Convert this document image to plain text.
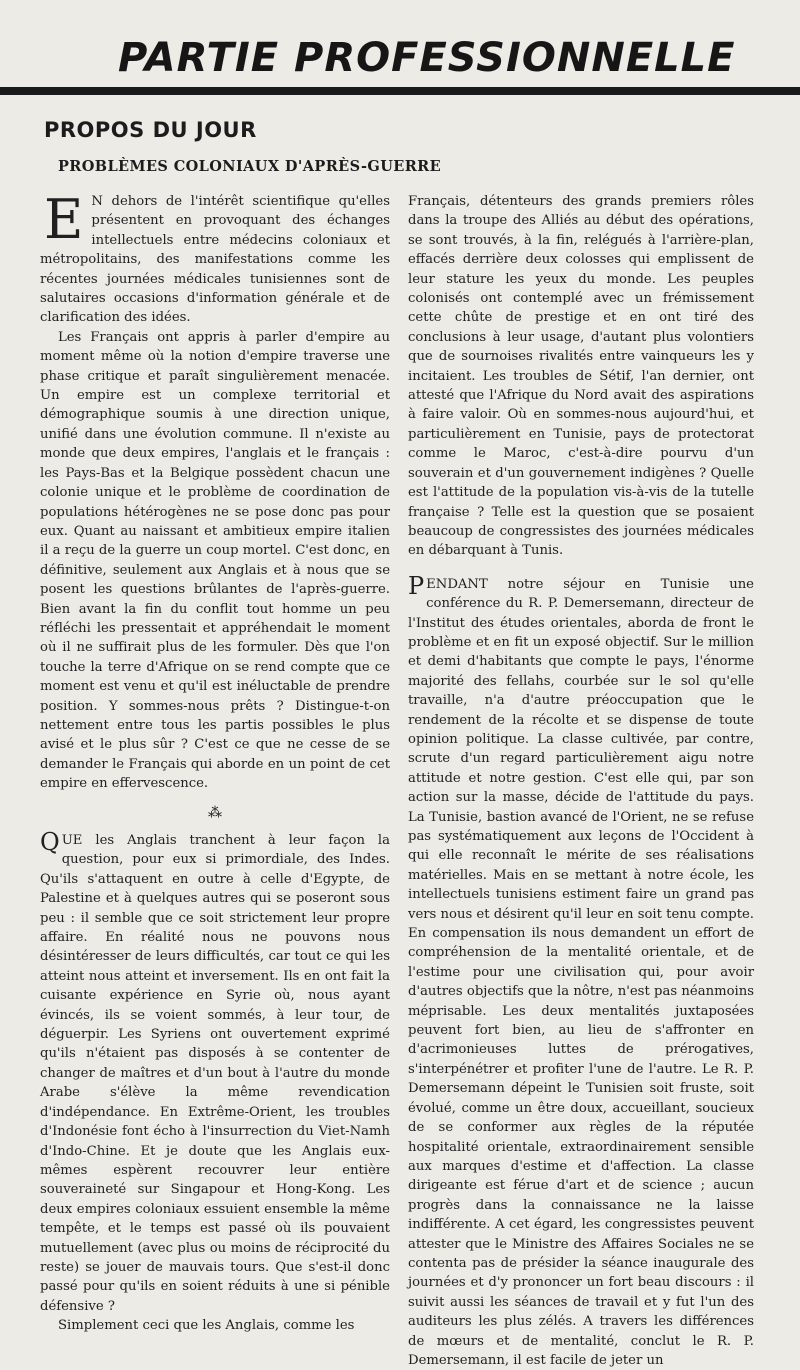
PARTIE PROFESSIONNELLE
PROPOS DU JOUR
PROBLÈMES COLONIAUX D'APRÈS-GUERRE

E N dehors de l'intérêt scientifique qu'elles présentent en provoquant des échanges intellectuels entre médecins coloniaux et métropolitains, des manifestations comme les récentes journées médicales tunisiennes sont de salutaires occasions d'information générale et de clarification des idées.

Les Français ont appris à parler d'empire au moment même où la notion d'empire traverse une phase critique et paraît singulièrement menacée. Un empire est un complexe territorial et démographique soumis à une direction unique, unifié dans une évolution commune. Il n'existe au monde que deux empires, l'anglais et le français : les Pays-Bas et la Belgique possèdent chacun une colonie unique et le problème de coordination de populations hétérogènes ne se pose donc pas pour eux. Quant au naissant et ambitieux empire italien il a reçu de la guerre un coup mortel. C'est donc, en définitive, seulement aux Anglais et à nous que se posent les questions brûlantes de l'après-guerre. Bien avant la fin du conflit tout homme un peu réfléchi les pressentait et appréhendait le moment où il ne suffirait plus de les formuler. Dès que l'on touche la terre d'Afrique on se rend compte que ce moment est venu et qu'il est inéluctable de prendre position. Y sommes-nous prêts ? Distingue-t-on nettement entre tous les partis possibles le plus avisé et le plus sûr ? C'est ce que ne cesse de se demander le Français qui aborde en un point de cet empire en effervescence.

⁂

QUE les Anglais tranchent à leur façon la question, pour eux si primordiale, des Indes. Qu'ils s'attaquent en outre à celle d'Egypte, de Palestine et à quelques autres qui se poseront sous peu : il semble que ce soit strictement leur propre affaire. En réalité nous ne pouvons nous désintéresser de leurs difficultés, car tout ce qui les atteint nous atteint et inversement. Ils en ont fait la cuisante expérience en Syrie où, nous ayant évincés, ils se voient sommés, à leur tour, de déguerpir. Les Syriens ont ouvertement exprimé qu'ils n'étaient pas disposés à se contenter de changer de maîtres et d'un bout à l'autre du monde Arabe s'élève la même revendication d'indépendance. En Extrême-Orient, les troubles d'Indonésie font écho à l'insurrection du Viet-Namh d'Indo-Chine. Et je doute que les Anglais eux-mêmes espèrent recouvrer leur entière souveraineté sur Singapour et Hong-Kong. Les deux empires coloniaux essuient ensemble la même tempête, et le temps est passé où ils pouvaient mutuellement (avec plus ou moins de réciprocité du reste) se jouer de mauvais tours. Que s'est-il donc passé pour qu'ils en soient réduits à une si pénible défensive ?

Simplement ceci que les Anglais, comme les

Français, détenteurs des grands premiers rôles dans la troupe des Alliés au début des opérations, se sont trouvés, à la fin, relégués à l'arrière-plan, effacés derrière deux colosses qui emplissent de leur stature les yeux du monde. Les peuples colonisés ont contemplé avec un frémissement cette chûte de prestige et en ont tiré des conclusions à leur usage, d'autant plus volontiers que de sournoises rivalités entre vainqueurs les y incitaient. Les troubles de Sétif, l'an dernier, ont attesté que l'Afrique du Nord avait des aspirations à faire valoir. Où en sommes-nous aujourd'hui, et particulièrement en Tunisie, pays de protectorat comme le Maroc, c'est-à-dire pourvu d'un souverain et d'un gouvernement indigènes ? Quelle est l'attitude de la population vis-à-vis de la tutelle française ? Telle est la question que se posaient beaucoup de congressistes des journées médicales en débarquant à Tunis.

PENDANT notre séjour en Tunisie une conférence du R. P. Demersemann, directeur de l'Institut des études orientales, aborda de front le problème et en fit un exposé objectif. Sur le million et demi d'habitants que compte le pays, l'énorme majorité des fellahs, courbée sur le sol qu'elle travaille, n'a d'autre préoccupation que le rendement de la récolte et se dispense de toute opinion politique. La classe cultivée, par contre, scrute d'un regard particulièrement aigu notre attitude et notre gestion. C'est elle qui, par son action sur la masse, décide de l'attitude du pays. La Tunisie, bastion avancé de l'Orient, ne se refuse pas systématiquement aux leçons de l'Occident à qui elle reconnaît le mérite de ses réalisations matérielles. Mais en se mettant à notre école, les intellectuels tunisiens estiment faire un grand pas vers nous et désirent qu'il leur en soit tenu compte. En compensation ils nous demandent un effort de compréhension de la mentalité orientale, et de l'estime pour une civilisation qui, pour avoir d'autres objectifs que la nôtre, n'est pas néanmoins méprisable. Les deux mentalités juxtaposées peuvent fort bien, au lieu de s'affronter en d'acrimonieuses luttes de prérogatives, s'interpénétrer et profiter l'une de l'autre. Le R. P. Demersemann dépeint le Tunisien soit fruste, soit évolué, comme un être doux, accueillant, soucieux de se conformer aux règles de la réputée hospitalité orientale, extraordinairement sensible aux marques d'estime et d'affection. La classe dirigeante est férue d'art et de science ; aucun progrès dans la connaissance ne la laisse indifférente. A cet égard, les congressistes peuvent attester que le Ministre des Affaires Sociales ne se contenta pas de présider la séance inaugurale des journées et d'y prononcer un fort beau discours : il suivit aussi les séances de travail et y fut l'un des auditeurs les plus zélés. A travers les différences de mœurs et de mentalité, conclut le R. P. Demersemann, il est facile de jeter un
